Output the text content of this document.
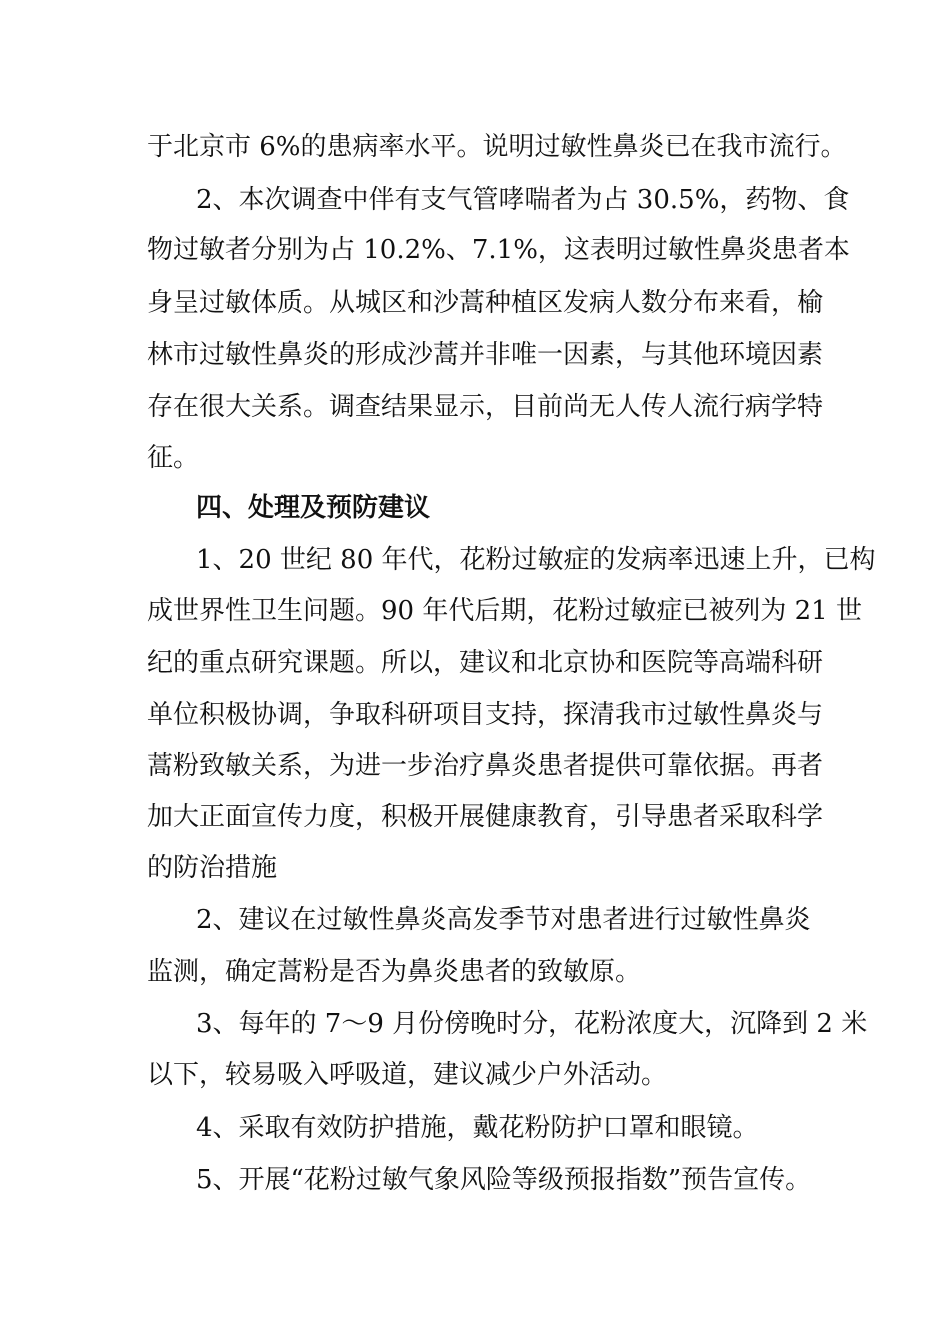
于北京市 6%的患病率水平。说明过敏性鼻炎已在我市流行。
2、本次调查中伴有支气管哮喘者为占 30.5%，药物、食
物过敏者分别为占 10.2%、7.1%，这表明过敏性鼻炎患者本
身呈过敏体质。从城区和沙蒿种植区发病人数分布来看，榆
林市过敏性鼻炎的形成沙蒿并非唯一因素，与其他环境因素
存在很大关系。调查结果显示，目前尚无人传人流行病学特
征。
四、处理及预防建议
1、20 世纪 80 年代，花粉过敏症的发病率迅速上升，已构
成世界性卫生问题。90 年代后期，花粉过敏症已被列为 21 世
纪的重点研究课题。所以，建议和北京协和医院等高端科研
单位积极协调，争取科研项目支持，探清我市过敏性鼻炎与
蒿粉致敏关系，为进一步治疗鼻炎患者提供可靠依据。再者
加大正面宣传力度，积极开展健康教育，引导患者采取科学
的防治措施
2、建议在过敏性鼻炎高发季节对患者进行过敏性鼻炎
监测，确定蒿粉是否为鼻炎患者的致敏原。
3、每年的 7～9 月份傍晚时分，花粉浓度大，沉降到 2 米
以下，较易吸入呼吸道，建议减少户外活动。
4、采取有效防护措施，戴花粉防护口罩和眼镜。
5、开展“花粉过敏气象风险等级预报指数”预告宣传。
